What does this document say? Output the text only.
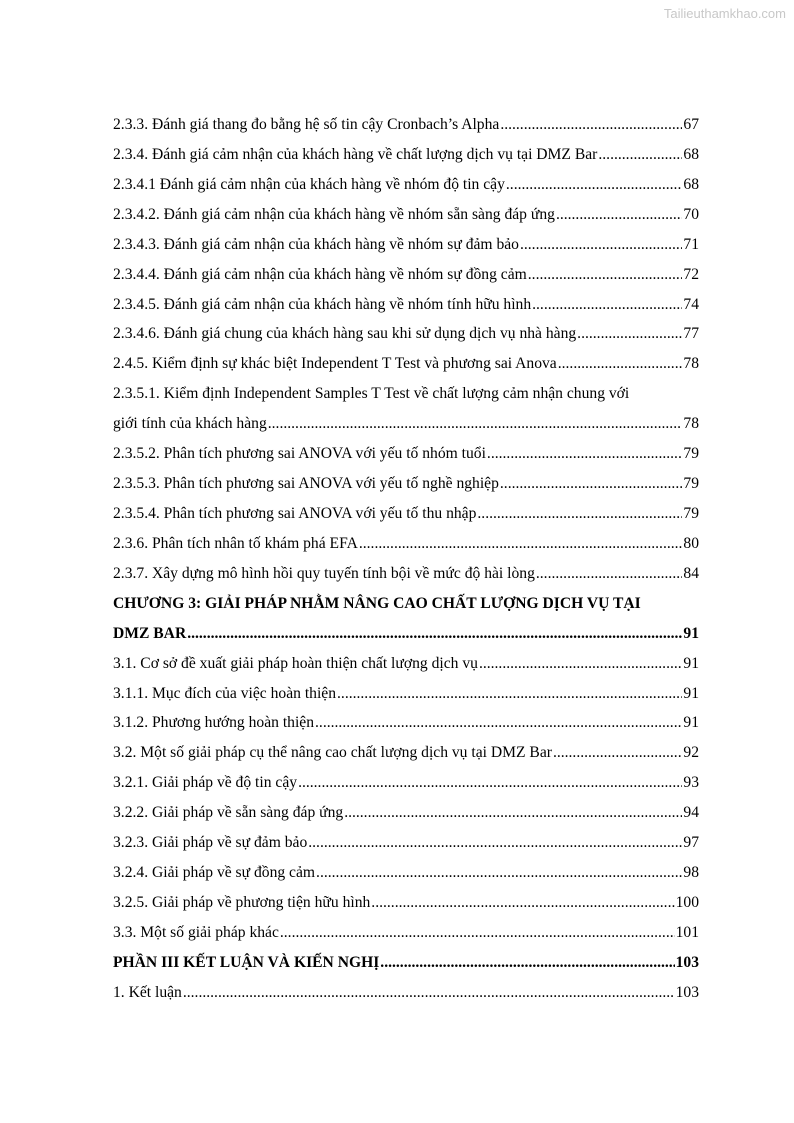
Tailieuthamkhao.com
2.3.3. Đánh giá thang đo bằng hệ số tin cậy Cronbach’s Alpha .....	67
2.3.4. Đánh giá cảm nhận của khách hàng về chất lượng dịch vụ tại DMZ Bar .....	68
2.3.4.1 Đánh giá cảm nhận của khách hàng về nhóm độ tin cậy .....	68
2.3.4.2. Đánh giá cảm nhận của khách hàng về nhóm sẵn sàng đáp ứng .....	70
2.3.4.3. Đánh giá cảm nhận của khách hàng về nhóm sự đảm bảo .....	71
2.3.4.4. Đánh giá cảm nhận của khách hàng về nhóm sự đồng cảm .....	72
2.3.4.5. Đánh giá cảm nhận của khách hàng về nhóm tính hữu hình .....	74
2.3.4.6. Đánh giá chung của khách hàng sau khi sử dụng dịch vụ nhà hàng .....	77
2.4.5. Kiểm định sự khác biệt Independent T Test và phương sai Anova .....	78
2.3.5.1. Kiểm định Independent Samples T Test về chất lượng cảm nhận chung với
giới tính của khách hàng .....	78
2.3.5.2. Phân tích phương sai ANOVA với yếu tố nhóm tuổi .....	79
2.3.5.3. Phân tích phương sai ANOVA với yếu tố nghề nghiệp .....	79
2.3.5.4. Phân tích phương sai ANOVA với yếu tố thu nhập .....	79
2.3.6. Phân tích nhân tố khám phá EFA .....	80
2.3.7. Xây dựng mô hình hồi quy tuyến tính bội về mức độ hài lòng .....	84
CHƯƠNG 3: GIẢI PHÁP NHẰM NÂNG CAO CHẤT LƯỢNG DỊCH VỤ TẠI
DMZ BAR .....	91
3.1. Cơ sở đề xuất giải pháp hoàn thiện chất lượng dịch vụ .....	91
3.1.1. Mục đích của việc hoàn thiện .....	91
3.1.2. Phương hướng hoàn thiện .....	91
3.2. Một số giải pháp cụ thể nâng cao chất lượng dịch vụ tại DMZ Bar .....	92
3.2.1. Giải pháp về độ tin cậy .....	93
3.2.2. Giải pháp về sẵn sàng đáp ứng .....	94
3.2.3. Giải pháp về sự đảm bảo .....	97
3.2.4. Giải pháp về sự đồng cảm .....	98
3.2.5. Giải pháp về phương tiện hữu hình .....	100
3.3. Một số giải pháp khác .....	101
PHẦN III KẾT LUẬN VÀ KIẾN NGHỊ .....	103
1. Kết luận .....	103
